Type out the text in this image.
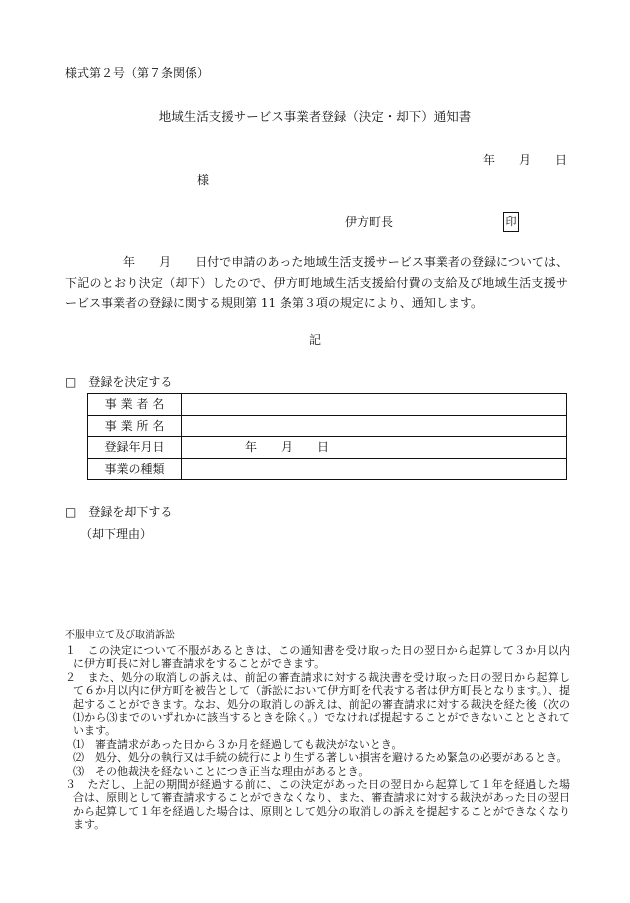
様式第２号（第７条関係）
地域生活支援サービス事業者登録（決定・却下）通知書
年　　月　　日
様
伊方町長	印

年　　月　　日付で申請のあった地域生活支援サービス事業者の登録については、下記のとおり決定（却下）したので、伊方町地域生活支援給付費の支給及び地域生活支援サービス事業者の登録に関する規則第 11 条第３項の規定により、通知します。

記
□ 登録を決定する
事 業 者 名	
事 業 所 名	
登録年月日	年　　月　　日
事業の種類	
□ 登録を却下する
（却下理由）
不服申立て及び取消訴訟

１　この決定について不服があるときは、この通知書を受け取った日の翌日から起算して３か月以内に伊方町長に対し審査請求をすることができます。

２　また、処分の取消しの訴えは、前記の審査請求に対する裁決書を受け取った日の翌日から起算して６か月以内に伊方町を被告として（訴訟において伊方町を代表する者は伊方町長となります。）、提起することができます。なお、処分の取消しの訴えは、前記の審査請求に対する裁決を経た後（次の⑴から⑶までのいずれかに該当するときを除く。）でなければ提起することができないこととされています。

⑴　審査請求があった日から３か月を経過しても裁決がないとき。

⑵　処分、処分の執行又は手続の続行により生ずる著しい損害を避けるため緊急の必要があるとき。

⑶　その他裁決を経ないことにつき正当な理由があるとき。

３　ただし、上記の期間が経過する前に、この決定があった日の翌日から起算して１年を経過した場合は、原則として審査請求することができなくなり、また、審査請求に対する裁決があった日の翌日から起算して１年を経過した場合は、原則として処分の取消しの訴えを提起することができなくなります。
